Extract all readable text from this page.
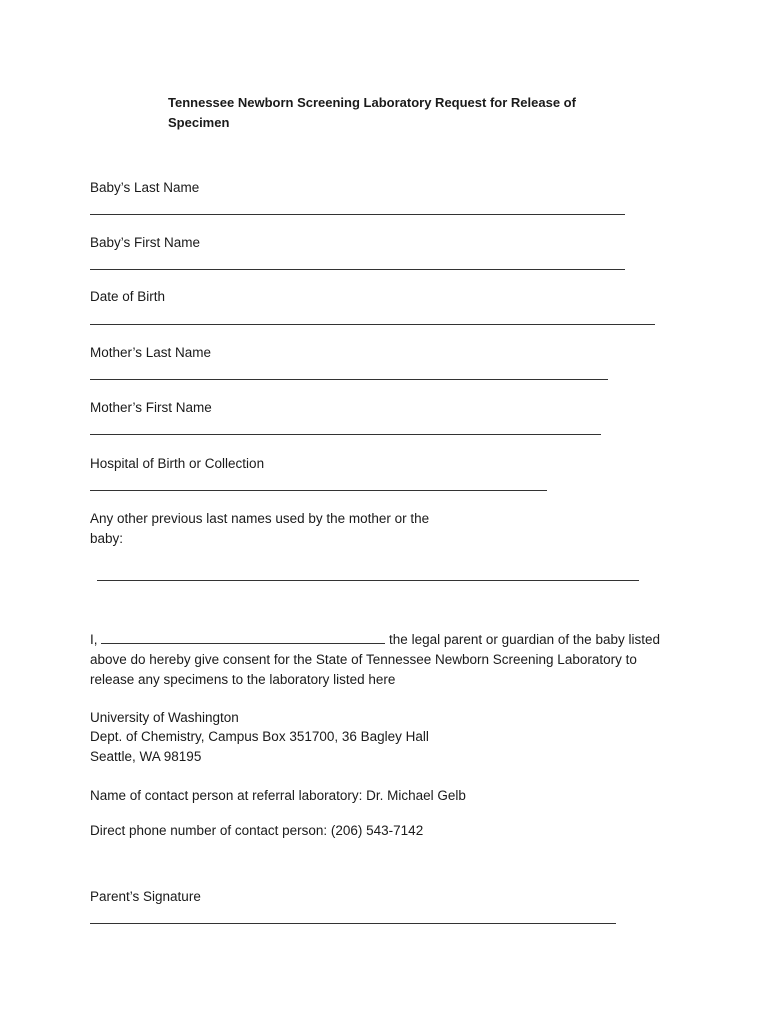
Tennessee Newborn Screening Laboratory Request for Release of Specimen

Baby’s Last Name
Baby’s First Name
Date of Birth
Mother’s Last Name
Mother’s First Name
Hospital of Birth or Collection
Any other previous last names used by the mother or the baby:
I,	the legal parent or guardian of the baby listed
above do hereby give consent for the State of Tennessee Newborn Screening Laboratory to
release any specimens to the laboratory listed here
University of Washington
Dept. of Chemistry, Campus Box 351700, 36 Bagley Hall
Seattle, WA 98195
Name of contact person at referral laboratory: Dr. Michael Gelb
Direct phone number of contact person: (206) 543-7142
Parent’s Signature
